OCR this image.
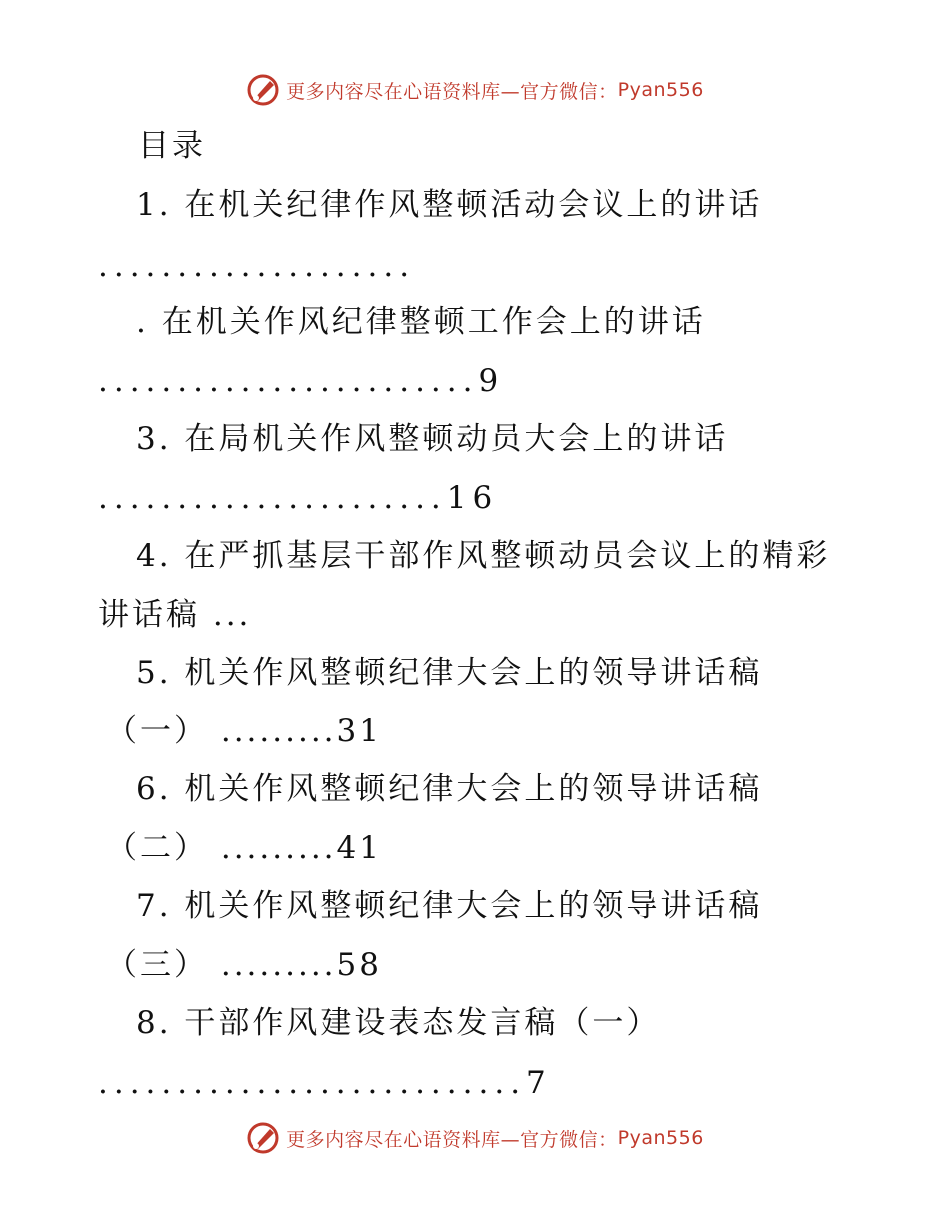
更多内容尽在心语资料库—官方微信： Pyan556
目录
1. 在机关纪律作风整顿活动会议上的讲话
....................
. 在机关作风纪律整顿工作会上的讲话
........................9
3. 在局机关作风整顿动员大会上的讲话
......................16
4. 在严抓基层干部作风整顿动员会议上的精彩
讲话稿 ...
5. 机关作风整顿纪律大会上的领导讲话稿
（一） .........31
6. 机关作风整顿纪律大会上的领导讲话稿
（二） .........41
7. 机关作风整顿纪律大会上的领导讲话稿
（三） .........58
8. 干部作风建设表态发言稿（一）
...........................7
更多内容尽在心语资料库—官方微信： Pyan556
